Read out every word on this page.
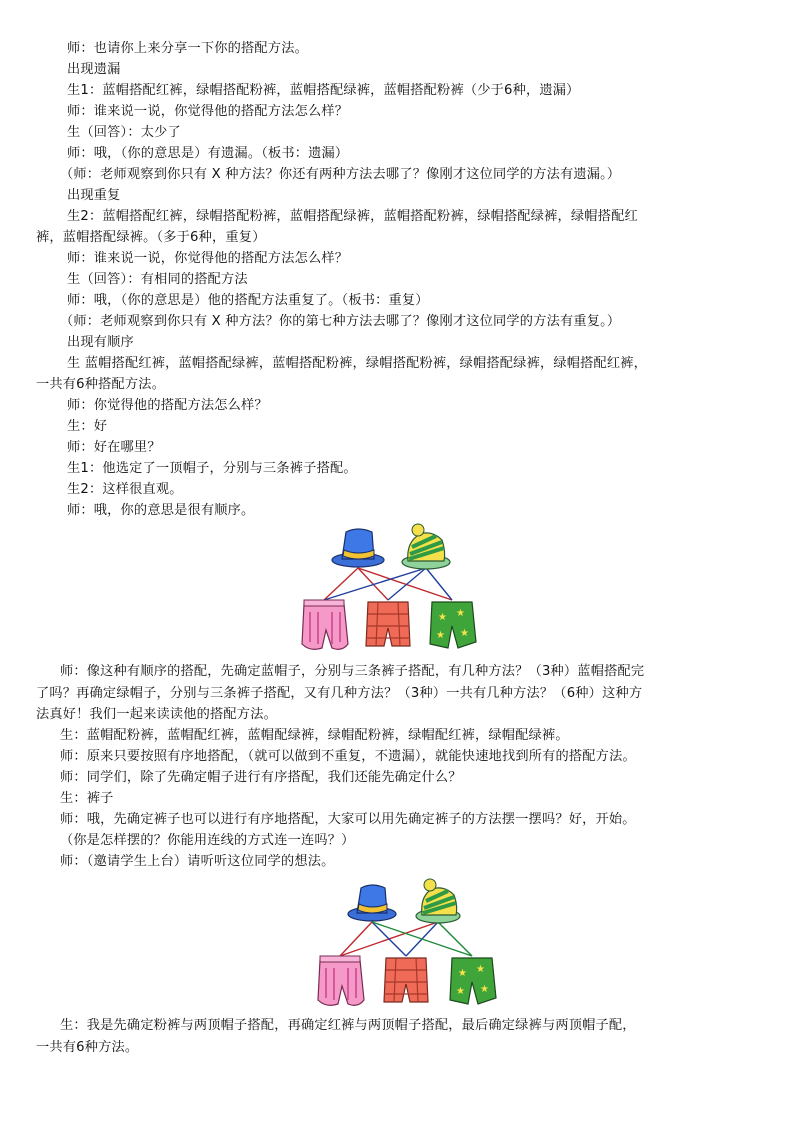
师：也请你上来分享一下你的搭配方法。
出现遗漏
生1：蓝帽搭配红裤，绿帽搭配粉裤，蓝帽搭配绿裤，蓝帽搭配粉裤（少于6种，遗漏）
师：谁来说一说，你觉得他的搭配方法怎么样？
生（回答）：太少了
师：哦，（你的意思是）有遗漏。（板书：遗漏）
（师：老师观察到你只有 X 种方法？你还有两种方法去哪了？像刚才这位同学的方法有遗漏。）
出现重复
生2：蓝帽搭配红裤，绿帽搭配粉裤，蓝帽搭配绿裤，蓝帽搭配粉裤，绿帽搭配绿裤，绿帽搭配红
裤，蓝帽搭配绿裤。（多于6种，重复）
师：谁来说一说，你觉得他的搭配方法怎么样？
生（回答）：有相同的搭配方法
师：哦，（你的意思是）他的搭配方法重复了。（板书：重复）
（师：老师观察到你只有 X 种方法？你的第七种方法去哪了？像刚才这位同学的方法有重复。）
出现有顺序
生 蓝帽搭配红裤，蓝帽搭配绿裤，蓝帽搭配粉裤，绿帽搭配粉裤，绿帽搭配绿裤，绿帽搭配红裤，
一共有6种搭配方法。
师：你觉得他的搭配方法怎么样？
生：好
师：好在哪里？
生1：他选定了一顶帽子，分别与三条裤子搭配。
生2：这样很直观。
师：哦，你的意思是很有顺序。
★ ★
★ ★
师：像这种有顺序的搭配，先确定蓝帽子，分别与三条裤子搭配，有几种方法？（3种）蓝帽搭配完
了吗？再确定绿帽子，分别与三条裤子搭配，又有几种方法？（3种）一共有几种方法？（6种）这种方
法真好！我们一起来读读他的搭配方法。
生：蓝帽配粉裤，蓝帽配红裤，蓝帽配绿裤，绿帽配粉裤，绿帽配红裤，绿帽配绿裤。
师：原来只要按照有序地搭配，（就可以做到不重复，不遗漏），就能快速地找到所有的搭配方法。
师：同学们，除了先确定帽子进行有序搭配，我们还能先确定什么？
生：裤子
师：哦，先确定裤子也可以进行有序地搭配，大家可以用先确定裤子的方法摆一摆吗？好，开始。
（你是怎样摆的？你能用连线的方式连一连吗？）
师：（邀请学生上台）请听听这位同学的想法。
★ ★
★ ★
生：我是先确定粉裤与两顶帽子搭配，再确定红裤与两顶帽子搭配，最后确定绿裤与两顶帽子配，
一共有6种方法。
